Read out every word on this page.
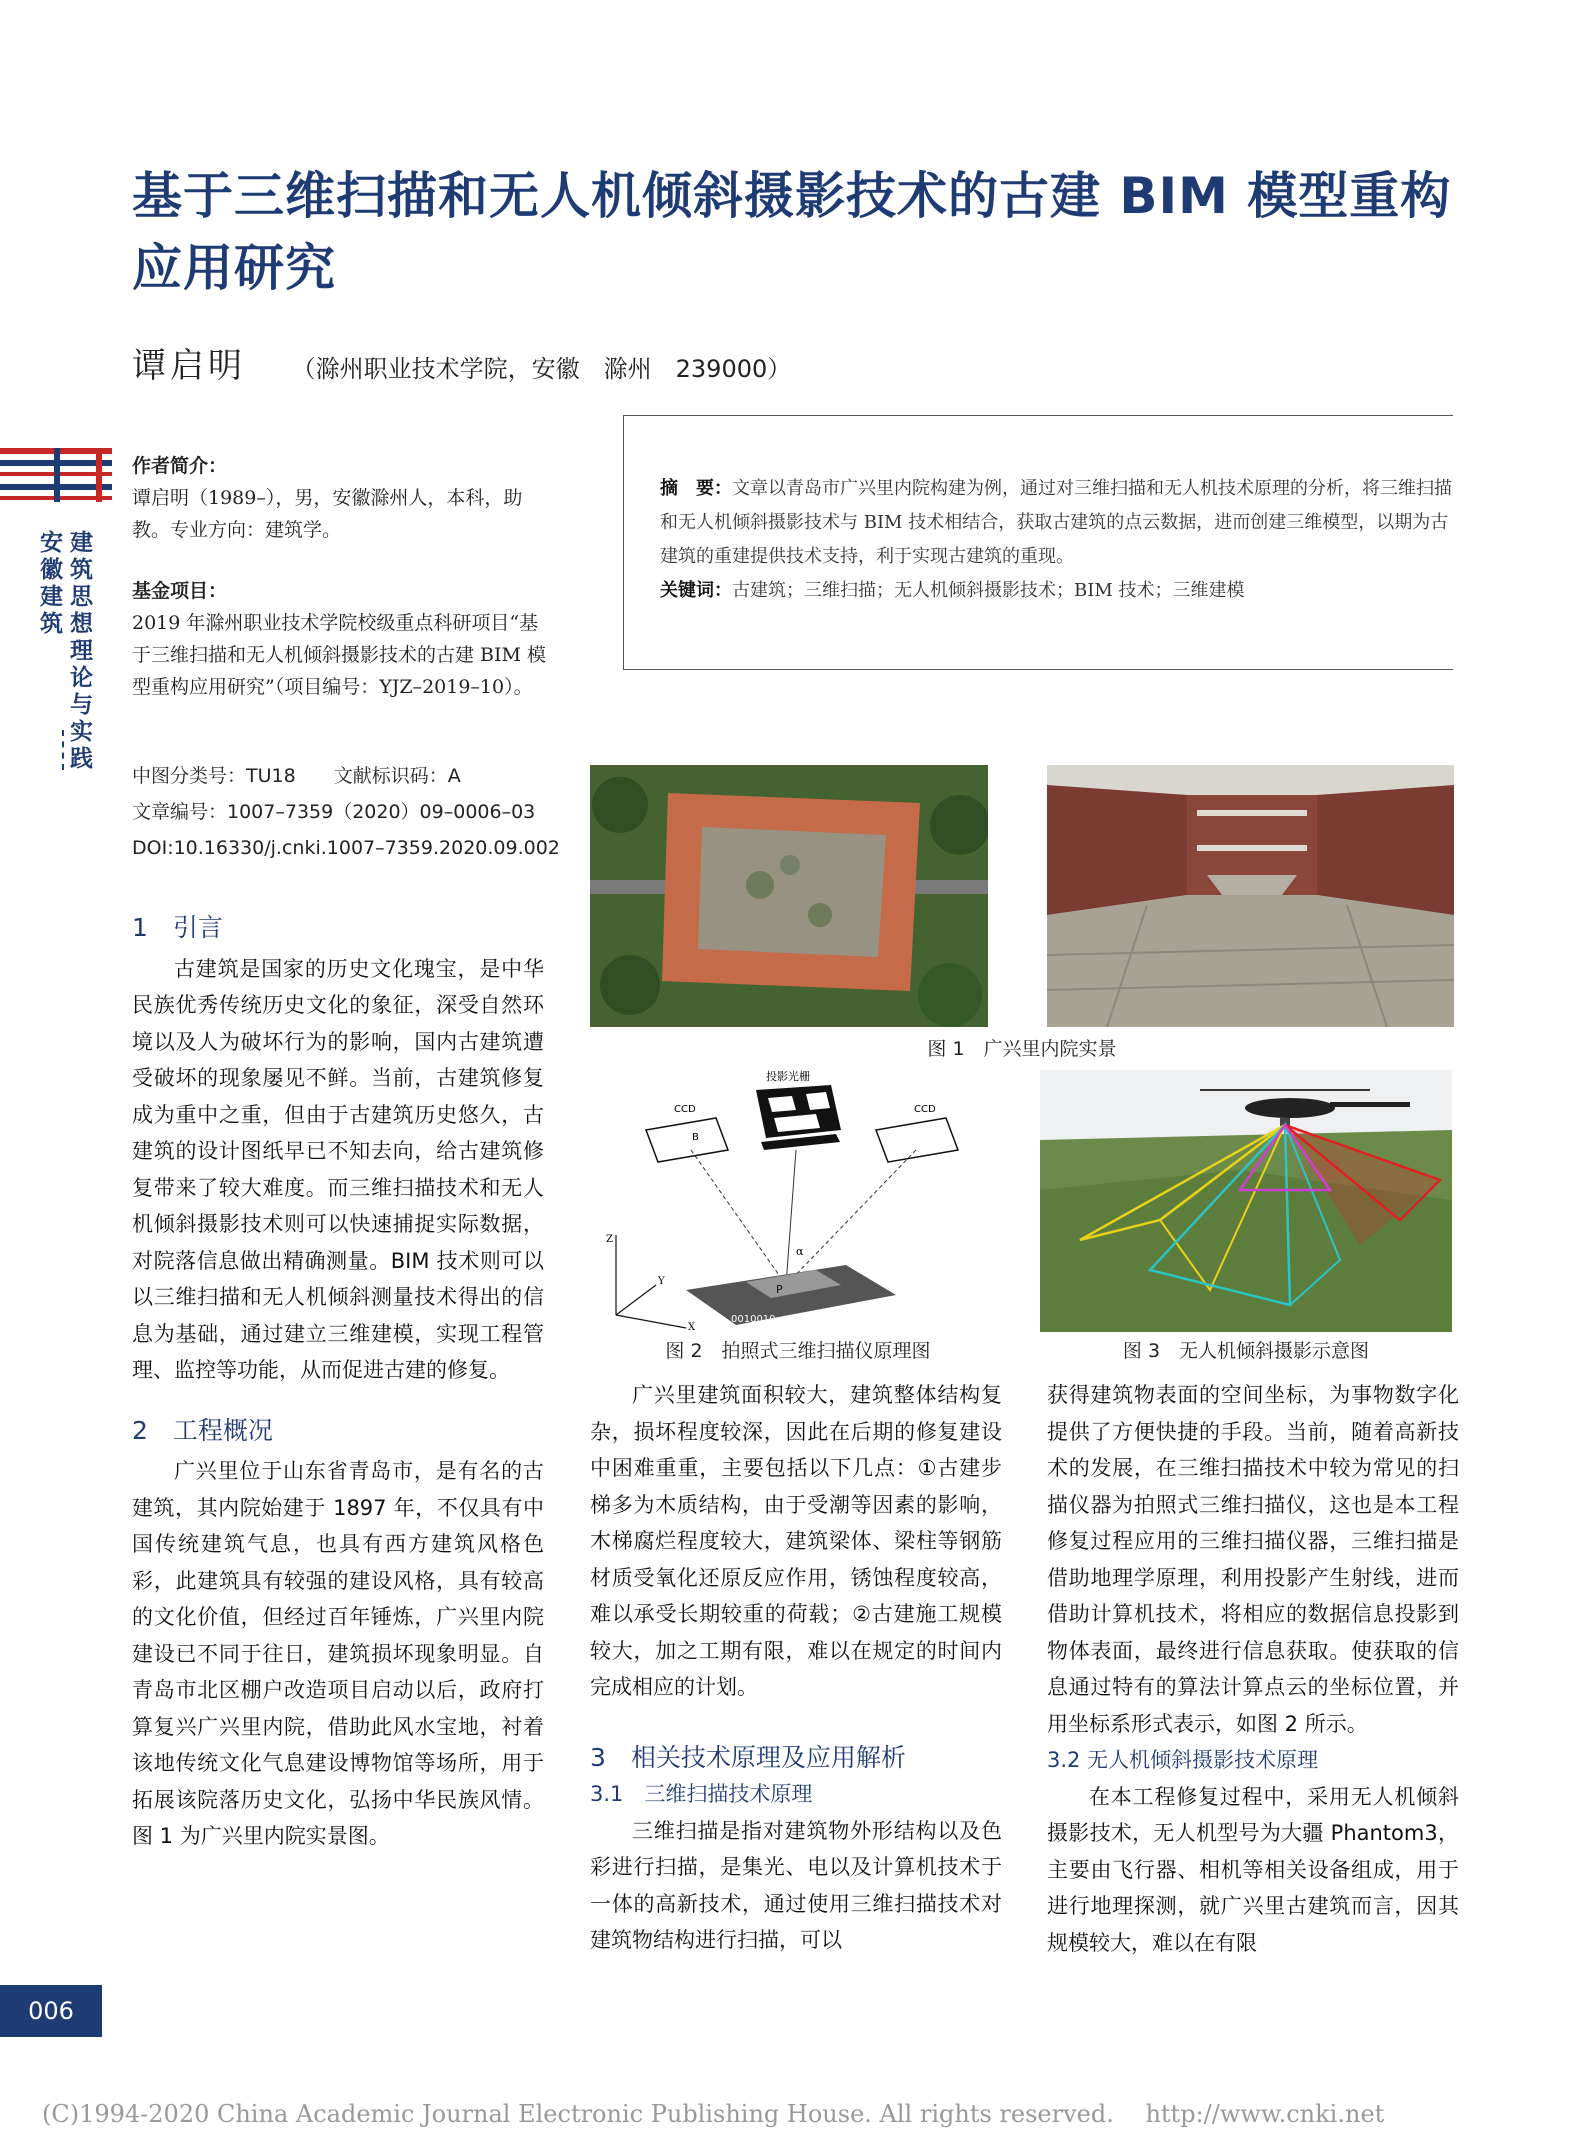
建筑思想理论与实践
安徽建筑
基于三维扫描和无人机倾斜摄影技术的古建 BIM 模型重构应用研究
谭启明 （滁州职业技术学院，安徽　滁州　239000）
作者简介：
谭启明（1989–），男，安徽滁州人，本科，助教。专业方向：建筑学。
基金项目：
2019 年滁州职业技术学院校级重点科研项目“基于三维扫描和无人机倾斜摄影技术的古建 BIM 模型重构应用研究”（项目编号：YJZ–2019–10）。
中图分类号：TU18　　文献标识码：A
文章编号：1007–7359（2020）09–0006–03
DOI:10.16330/j.cnki.1007–7359.2020.09.002
摘　要：文章以青岛市广兴里内院构建为例，通过对三维扫描和无人机技术原理的分析，将三维扫描和无人机倾斜摄影技术与 BIM 技术相结合，获取古建筑的点云数据，进而创建三维模型，以期为古建筑的重建提供技术支持，利于实现古建筑的重现。
关键词：古建筑；三维扫描；无人机倾斜摄影技术；BIM 技术；三维建模
1　引言

古建筑是国家的历史文化瑰宝，是中华民族优秀传统历史文化的象征，深受自然环境以及人为破坏行为的影响，国内古建筑遭受破坏的现象屡见不鲜。当前，古建筑修复成为重中之重，但由于古建筑历史悠久，古建筑的设计图纸早已不知去向，给古建筑修复带来了较大难度。而三维扫描技术和无人机倾斜摄影技术则可以快速捕捉实际数据，对院落信息做出精确测量。BIM 技术则可以以三维扫描和无人机倾斜测量技术得出的信息为基础，通过建立三维建模，实现工程管理、监控等功能，从而促进古建的修复。

2　工程概况

广兴里位于山东省青岛市，是有名的古建筑，其内院始建于 1897 年，不仅具有中国传统建筑气息，也具有西方建筑风格色彩，此建筑具有较强的建设风格，具有较高的文化价值，但经过百年锤炼，广兴里内院建设已不同于往日，建筑损坏现象明显。自青岛市北区棚户改造项目启动以后，政府打算复兴广兴里内院，借助此风水宝地，衬着该地传统文化气息建设博物馆等场所，用于拓展该院落历史文化，弘扬中华民族风情。图 1 为广兴里内院实景图。

图 1　广兴里内院实景
投影光栅
CCD
B
CCD
α
P
0010010
Z
X
Y
图 2　拍照式三维扫描仪原理图	图 3　无人机倾斜摄影示意图

广兴里建筑面积较大，建筑整体结构复杂，损坏程度较深，因此在后期的修复建设中困难重重，主要包括以下几点：①古建步梯多为木质结构，由于受潮等因素的影响，木梯腐烂程度较大，建筑梁体、梁柱等钢筋材质受氧化还原反应作用，锈蚀程度较高，难以承受长期较重的荷载；②古建施工规模较大，加之工期有限，难以在规定的时间内完成相应的计划。

3　相关技术原理及应用解析
3.1　三维扫描技术原理

三维扫描是指对建筑物外形结构以及色彩进行扫描，是集光、电以及计算机技术于一体的高新技术，通过使用三维扫描技术对建筑物结构进行扫描，可以

获得建筑物表面的空间坐标，为事物数字化提供了方便快捷的手段。当前，随着高新技术的发展，在三维扫描技术中较为常见的扫描仪器为拍照式三维扫描仪，这也是本工程修复过程应用的三维扫描仪器，三维扫描是借助地理学原理，利用投影产生射线，进而借助计算机技术，将相应的数据信息投影到物体表面，最终进行信息获取。使获取的信息通过特有的算法计算点云的坐标位置，并用坐标系形式表示，如图 2 所示。

3.2 无人机倾斜摄影技术原理

在本工程修复过程中，采用无人机倾斜摄影技术，无人机型号为大疆 Phantom3，主要由飞行器、相机等相关设备组成，用于进行地理探测，就广兴里古建筑而言，因其规模较大，难以在有限

006
(C)1994-2020 China Academic Journal Electronic Publishing House. All rights reserved.　 http://www.cnki.net
